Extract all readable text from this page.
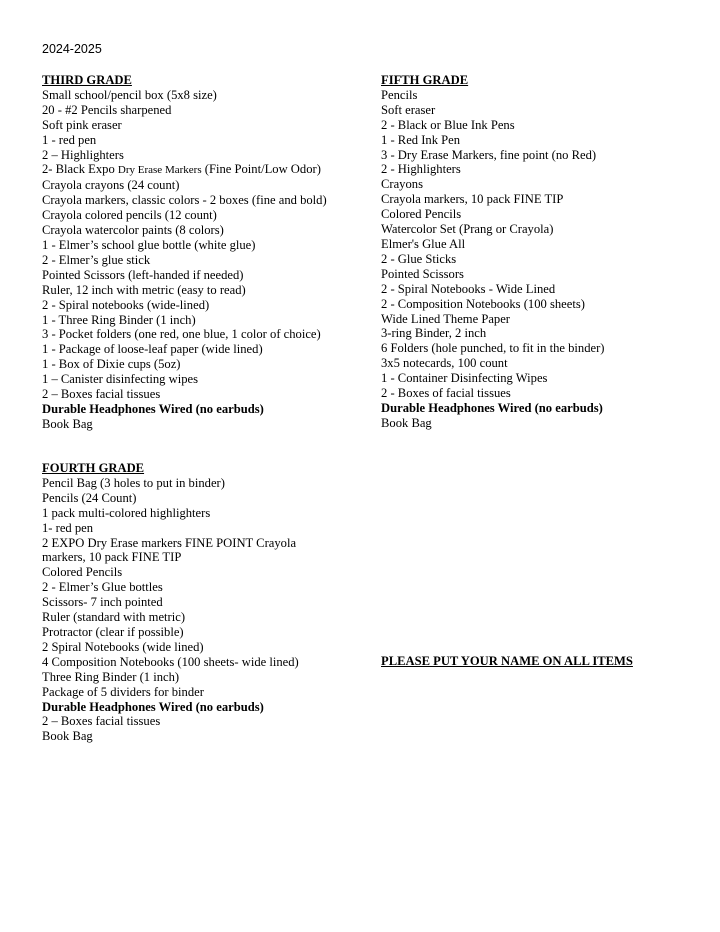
2024-2025
THIRD GRADE
Small school/pencil box (5x8 size)
20 - #2 Pencils sharpened
Soft pink eraser
1 - red pen
2 – Highlighters
2- Black Expo Dry Erase Markers (Fine Point/Low Odor)
Crayola crayons (24 count)
Crayola markers, classic colors - 2 boxes (fine and bold)
Crayola colored pencils (12 count)
Crayola watercolor paints (8 colors)
1 - Elmer’s school glue bottle (white glue)
2 - Elmer’s glue stick
Pointed Scissors (left-handed if needed)
Ruler, 12 inch with metric (easy to read)
2 - Spiral notebooks (wide-lined)
1 - Three Ring Binder (1 inch)
3 - Pocket folders (one red, one blue, 1 color of choice)
1 - Package of loose-leaf paper (wide lined)
1 - Box of Dixie cups (5oz)
1 – Canister disinfecting wipes
2 – Boxes facial tissues
Durable Headphones Wired (no earbuds)
Book Bag
FIFTH GRADE
Pencils
Soft eraser
2 - Black or Blue Ink Pens
1 - Red Ink Pen
3 - Dry Erase Markers, fine point (no Red)
2 - Highlighters
Crayons
Crayola markers, 10 pack FINE TIP
Colored Pencils
Watercolor Set (Prang or Crayola)
Elmer's Glue All
2 - Glue Sticks
Pointed Scissors
2 - Spiral Notebooks - Wide Lined
2 - Composition Notebooks (100 sheets)
Wide Lined Theme Paper
3-ring Binder, 2 inch
6 Folders (hole punched, to fit in the binder)
3x5 notecards, 100 count
1 - Container Disinfecting Wipes
2 - Boxes of facial tissues
Durable Headphones Wired (no earbuds)
Book Bag
FOURTH GRADE
Pencil Bag (3 holes to put in binder)
Pencils (24 Count)
1 pack multi-colored highlighters
1- red pen
2 EXPO Dry Erase markers FINE POINT Crayola markers, 10 pack FINE TIP
Colored Pencils
2 - Elmer’s Glue bottles
Scissors- 7 inch pointed
Ruler (standard with metric)
Protractor (clear if possible)
2 Spiral Notebooks (wide lined)
4 Composition Notebooks (100 sheets- wide lined)
Three Ring Binder (1 inch)
Package of 5 dividers for binder
Durable Headphones Wired (no earbuds)
2 – Boxes facial tissues
Book Bag
PLEASE PUT YOUR NAME ON ALL ITEMS
